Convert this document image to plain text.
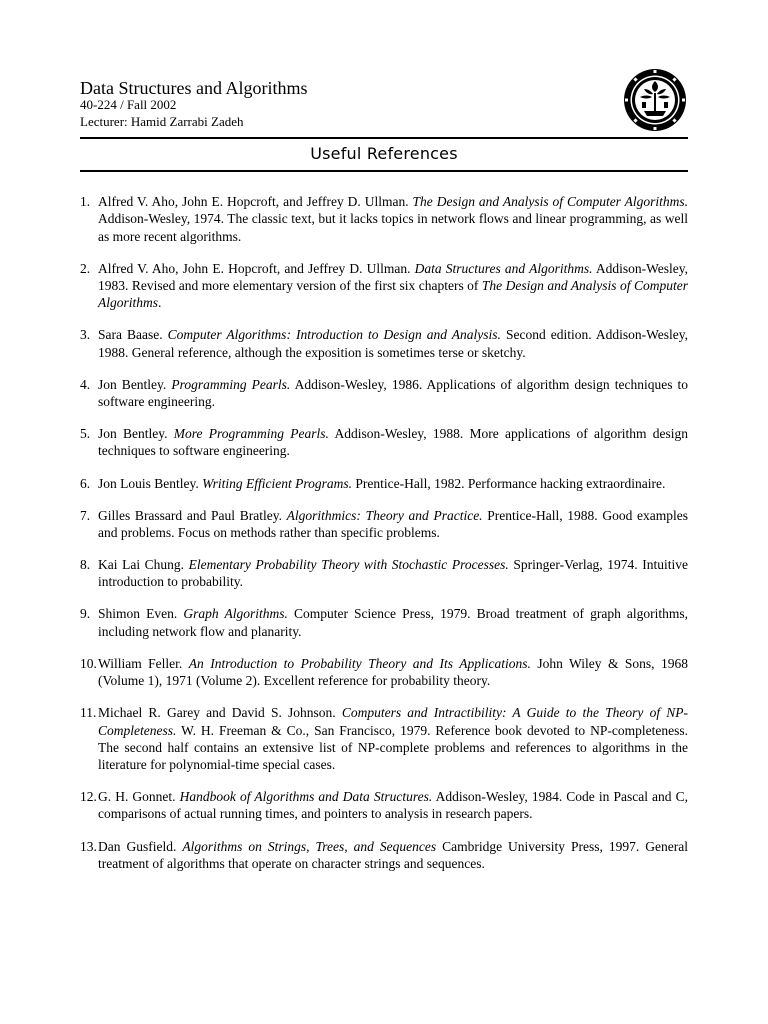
Data Structures and Algorithms
40-224 / Fall 2002
Lecturer: Hamid Zarrabi Zadeh
Useful References
1. Alfred V. Aho, John E. Hopcroft, and Jeffrey D. Ullman. The Design and Analysis of Computer Algorithms. Addison-Wesley, 1974. The classic text, but it lacks topics in network flows and linear programming, as well as more recent algorithms.
2. Alfred V. Aho, John E. Hopcroft, and Jeffrey D. Ullman. Data Structures and Algorithms. Addison-Wesley, 1983. Revised and more elementary version of the first six chapters of The Design and Analysis of Computer Algorithms.
3. Sara Baase. Computer Algorithms: Introduction to Design and Analysis. Second edition. Addison-Wesley, 1988. General reference, although the exposition is sometimes terse or sketchy.
4. Jon Bentley. Programming Pearls. Addison-Wesley, 1986. Applications of algorithm design techniques to software engineering.
5. Jon Bentley. More Programming Pearls. Addison-Wesley, 1988. More applications of algorithm design techniques to software engineering.
6. Jon Louis Bentley. Writing Efficient Programs. Prentice-Hall, 1982. Performance hacking extraordinaire.
7. Gilles Brassard and Paul Bratley. Algorithmics: Theory and Practice. Prentice-Hall, 1988. Good examples and problems. Focus on methods rather than specific problems.
8. Kai Lai Chung. Elementary Probability Theory with Stochastic Processes. Springer-Verlag, 1974. Intuitive introduction to probability.
9. Shimon Even. Graph Algorithms. Computer Science Press, 1979. Broad treatment of graph algorithms, including network flow and planarity.
10. William Feller. An Introduction to Probability Theory and Its Applications. John Wiley & Sons, 1968 (Volume 1), 1971 (Volume 2). Excellent reference for probability theory.
11. Michael R. Garey and David S. Johnson. Computers and Intractibility: A Guide to the Theory of NP-Completeness. W. H. Freeman & Co., San Francisco, 1979. Reference book devoted to NP-completeness. The second half contains an extensive list of NP-complete problems and references to algorithms in the literature for polynomial-time special cases.
12. G. H. Gonnet. Handbook of Algorithms and Data Structures. Addison-Wesley, 1984. Code in Pascal and C, comparisons of actual running times, and pointers to analysis in research papers.
13. Dan Gusfield. Algorithms on Strings, Trees, and Sequences Cambridge University Press, 1997. General treatment of algorithms that operate on character strings and sequences.
